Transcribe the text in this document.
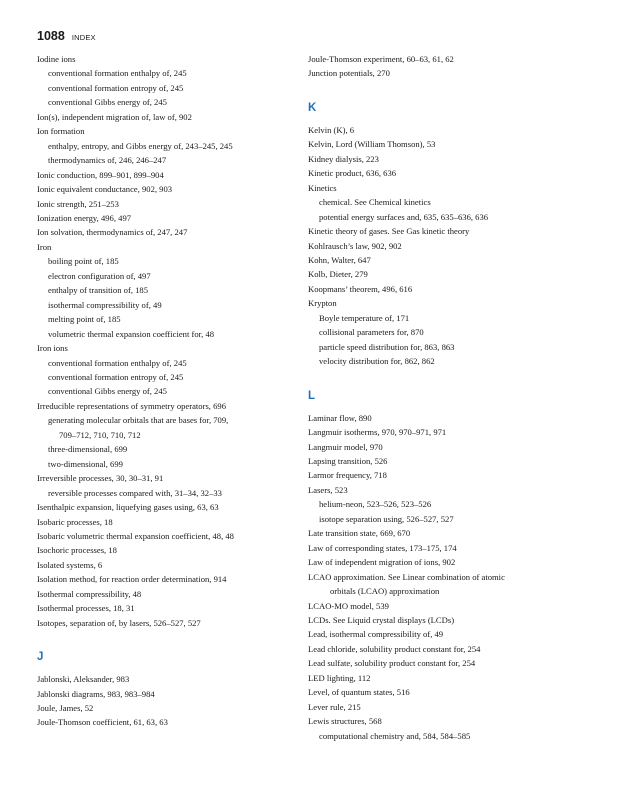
1088 INDEX
Iodine ions
conventional formation enthalpy of, 245
conventional formation entropy of, 245
conventional Gibbs energy of, 245
Ion(s), independent migration of, law of, 902
Ion formation
enthalpy, entropy, and Gibbs energy of, 243–245, 245
thermodynamics of, 246, 246–247
Ionic conduction, 899–901, 899–904
Ionic equivalent conductance, 902, 903
Ionic strength, 251–253
Ionization energy, 496, 497
Ion solvation, thermodynamics of, 247, 247
Iron
boiling point of, 185
electron configuration of, 497
enthalpy of transition of, 185
isothermal compressibility of, 49
melting point of, 185
volumetric thermal expansion coefficient for, 48
Iron ions
conventional formation enthalpy of, 245
conventional formation entropy of, 245
conventional Gibbs energy of, 245
Irreducible representations of symmetry operators, 696
generating molecular orbitals that are bases for, 709,
709–712, 710, 710, 712
three-dimensional, 699
two-dimensional, 699
Irreversible processes, 30, 30–31, 91
reversible processes compared with, 31–34, 32–33
Isenthalpic expansion, liquefying gases using, 63, 63
Isobaric processes, 18
Isobaric volumetric thermal expansion coefficient, 48, 48
Isochoric processes, 18
Isolated systems, 6
Isolation method, for reaction order determination, 914
Isothermal compressibility, 48
Isothermal processes, 18, 31
Isotopes, separation of, by lasers, 526–527, 527
J
Jablonski, Aleksander, 983
Jablonski diagrams, 983, 983–984
Joule, James, 52
Joule-Thomson coefficient, 61, 63, 63
Joule-Thomson experiment, 60–63, 61, 62
Junction potentials, 270
K
Kelvin (K), 6
Kelvin, Lord (William Thomson), 53
Kidney dialysis, 223
Kinetic product, 636, 636
Kinetics
chemical. See Chemical kinetics
potential energy surfaces and, 635, 635–636, 636
Kinetic theory of gases. See Gas kinetic theory
Kohlrausch’s law, 902, 902
Kohn, Walter, 647
Kolb, Dieter, 279
Koopmans’ theorem, 496, 616
Krypton
Boyle temperature of, 171
collisional parameters for, 870
particle speed distribution for, 863, 863
velocity distribution for, 862, 862
L
Laminar flow, 890
Langmuir isotherms, 970, 970–971, 971
Langmuir model, 970
Lapsing transition, 526
Larmor frequency, 718
Lasers, 523
helium-neon, 523–526, 523–526
isotope separation using, 526–527, 527
Late transition state, 669, 670
Law of corresponding states, 173–175, 174
Law of independent migration of ions, 902
LCAO approximation. See Linear combination of atomic
orbitals (LCAO) approximation
LCAO-MO model, 539
LCDs. See Liquid crystal displays (LCDs)
Lead, isothermal compressibility of, 49
Lead chloride, solubility product constant for, 254
Lead sulfate, solubility product constant for, 254
LED lighting, 112
Level, of quantum states, 516
Lever rule, 215
Lewis structures, 568
computational chemistry and, 584, 584–585
